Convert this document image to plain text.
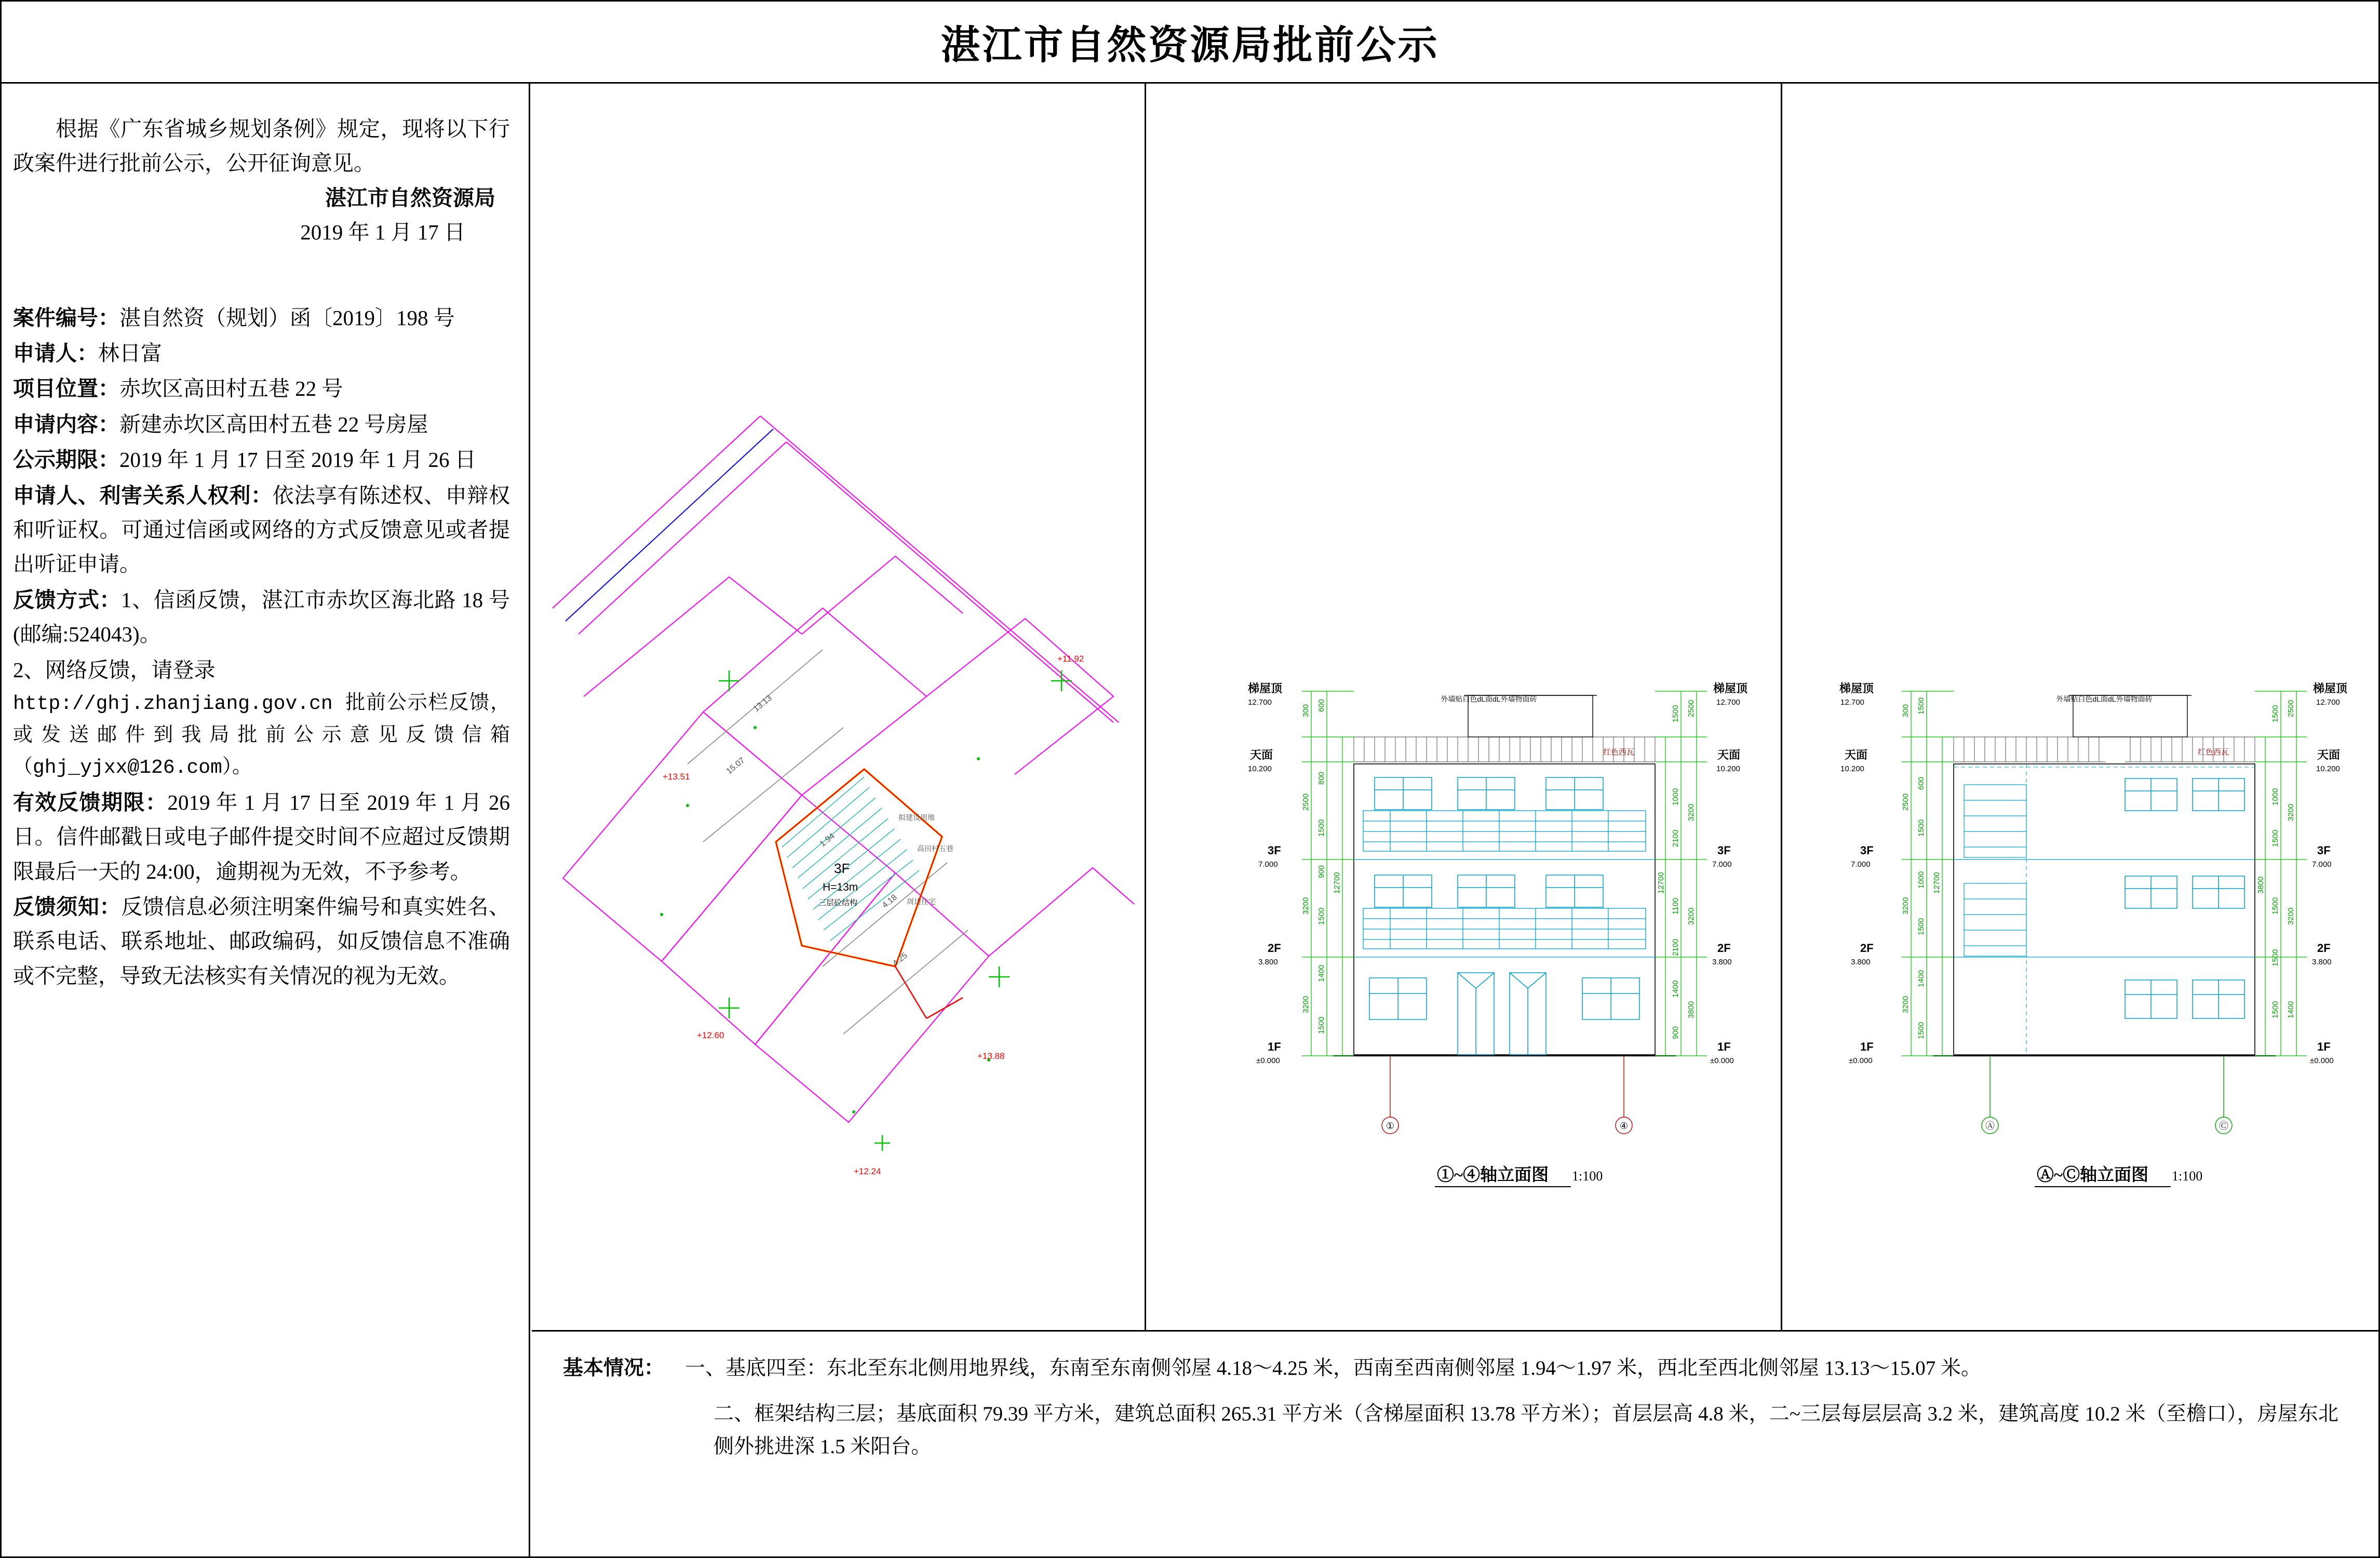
湛江市自然资源局批前公示
根据《广东省城乡规划条例》规定，现将以下行政案件进行批前公示，公开征询意见。
湛江市自然资源局
2019 年 1 月 17 日
案件编号：湛自然资（规划）函〔2019〕198 号
申请人：林日富
项目位置：赤坎区高田村五巷 22 号
申请内容：新建赤坎区高田村五巷 22 号房屋
公示期限：2019 年 1 月 17 日至 2019 年 1 月 26 日
申请人、利害关系人权利：依法享有陈述权、申辩权和听证权。可通过信函或网络的方式反馈意见或者提出听证申请。
反馈方式：1、信函反馈，湛江市赤坎区海北路 18 号(邮编:524043)。
2、网络反馈，请登录
http://ghj.zhanjiang.gov.cn 批前公示栏反馈，或发送邮件到我局批前公示意见反馈信箱（ghj_yjxx@126.com）。
有效反馈期限：2019 年 1 月 17 日至 2019 年 1 月 26 日。信件邮戳日或电子邮件提交时间不应超过反馈期限最后一天的 24:00，逾期视为无效，不予参考。
反馈须知：反馈信息必须注明案件编号和真实姓名、联系电话、联系地址、邮政编码，如反馈信息不准确或不完整，导致无法核实有关情况的视为无效。
+11.92
+13.51
+12.60
+13.88
+12.24
13.13
15.07
4.18
4.25
1.94
3F
H=13m
三层砼结构
拟建设用地
周边住宅
高田村五巷
外墙贴白色dL面dL外墙物面砖
红色西瓦
梯屋顶
12.700
天面
10.200
3F
7.000
2F
3.800
1F
±0.000
300
2500
3200
3200
12700
600
800
1500
900
1500
1400
1500
梯屋顶
12.700
天面
10.200
3F
7.000
2F
3.800
1F
±0.000
12700
1500
1000
2100
1100
2100
1400
900
2500
3200
3200
3800
①	④
①~④轴立面图 1:100
外墙贴白色dL面dL外墙物面砖
红色西瓦
梯屋顶
12.700
天面
10.200
3F
7.000
2F
3.800
1F
±0.000
300
2500
3200
3200
12700
1500
600
1500
1000
1500
1400
1500
梯屋顶
12.700
天面
10.200
3F
7.000
2F
3.800
1F
±0.000
3800
1500
1000
1500
1500
1500
1500
2500
3200
3200
1400
Ⓐ	Ⓒ
Ⓐ~Ⓒ轴立面图 1:100
基本情况：	一、基底四至：东北至东北侧用地界线，东南至东南侧邻屋 4.18～4.25 米，西南至西南侧邻屋 1.94～1.97 米，西北至西北侧邻屋 13.13～15.07 米。
二、框架结构三层；基底面积 79.39 平方米，建筑总面积 265.31 平方米（含梯屋面积 13.78 平方米）；首层层高 4.8 米，二~三层每层层高 3.2 米，建筑高度 10.2 米（至檐口），房屋东北侧外挑进深 1.5 米阳台。
